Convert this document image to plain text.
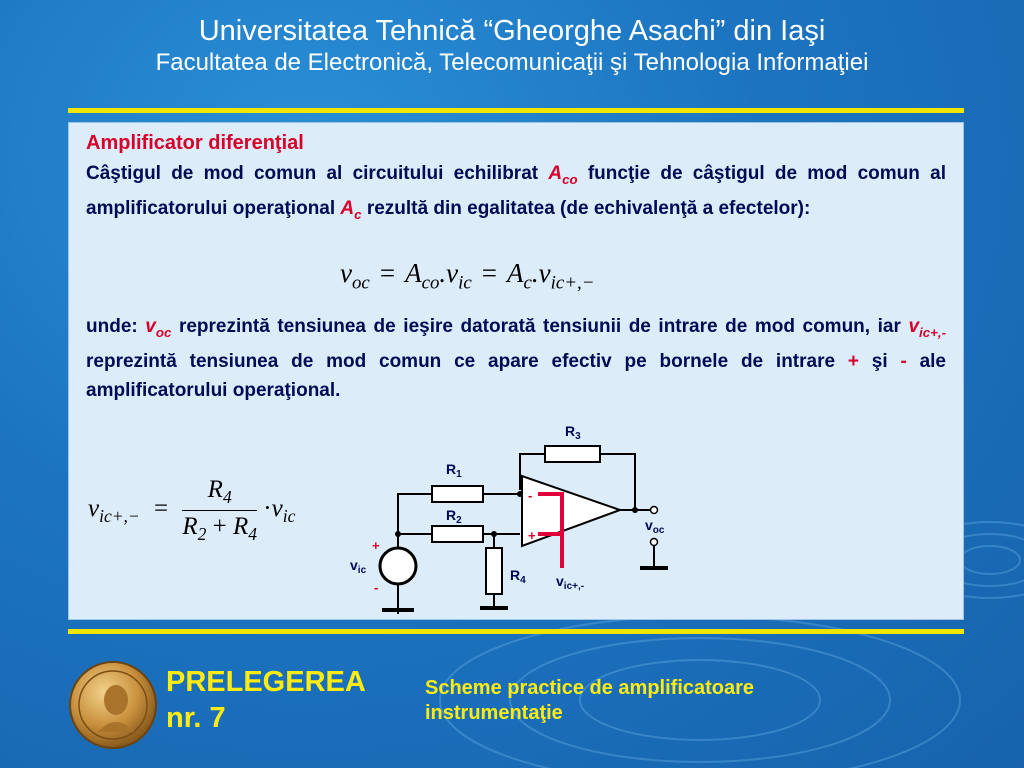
Universitatea Tehnică “Gheorghe Asachi” din Iaşi
Facultatea de Electronică, Telecomunicaţii şi Tehnologia Informaţiei
Amplificator diferenţial
Câştigul de mod comun al circuitului echilibrat $A_{co}$ funcţie de câştigul de mod comun al amplificatorului operaţional $A_c$ rezultă din egalitatea (de echivalenţă a efectelor):
$v_{oc} = A_{co}.v_{ic} = A_c.v_{ic+,-}$
unde: $v_{oc}$ reprezintă tensiunea de ieşire datorată tensiunii de intrare de mod comun, iar $v_{ic+,-}$ reprezintă tensiunea de mod comun ce apare efectiv pe bornele de intrare + şi - ale amplificatorului operaţional.
$v_{ic+,-} = \frac{R_4}{R_2 + R_4} \cdot v_{ic}$
$R_3$
$R_1$
$R_2$
$R_4$
$v_{ic}$
$v_{oc}$
$v_{ic+,-}$
-
+
+
-
PRELEGEREA
nr. 7
Scheme practice de amplificatoare instrumentaţie
